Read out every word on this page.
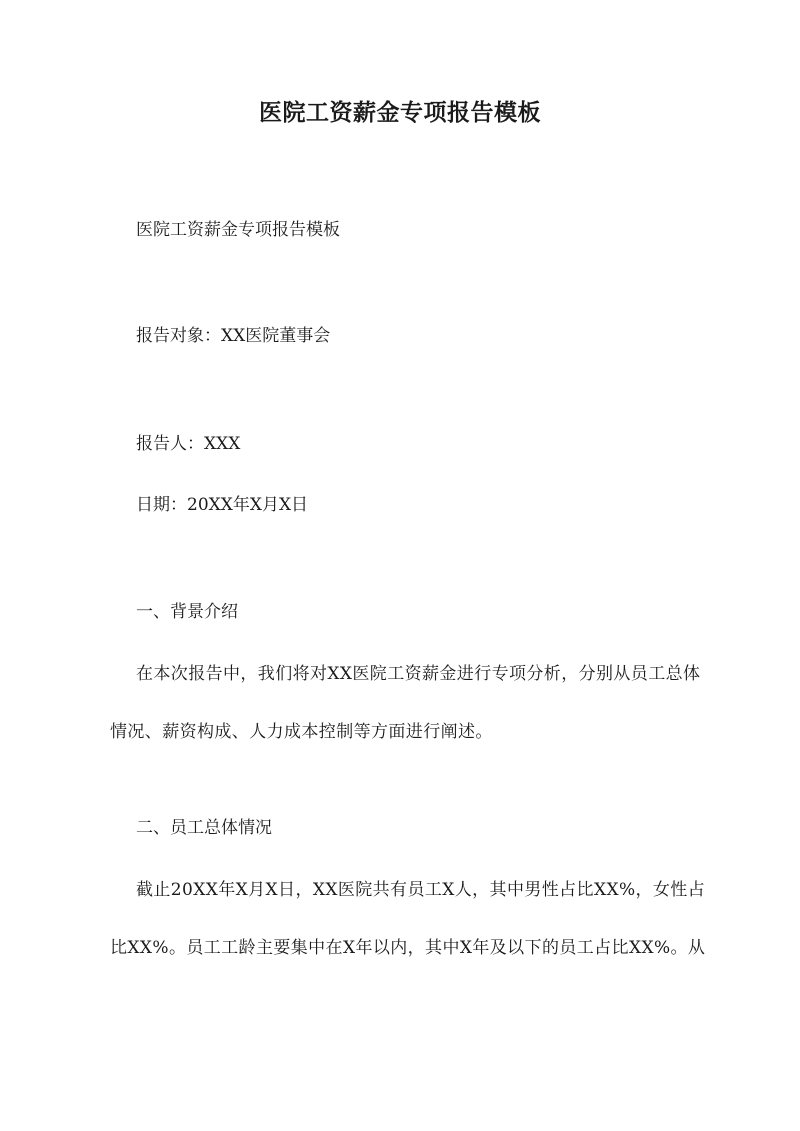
医院工资薪金专项报告模板
医院工资薪金专项报告模板
报告对象：XX医院董事会
报告人：XXX
日期：20XX年X月X日
一、背景介绍
在本次报告中，我们将对XX医院工资薪金进行专项分析，分别从员工总体情况、薪资构成、人力成本控制等方面进行阐述。
二、员工总体情况
截止20XX年X月X日，XX医院共有员工X人，其中男性占比XX%，女性占比XX%。员工工龄主要集中在X年以内，其中X年及以下的员工占比XX%。从
